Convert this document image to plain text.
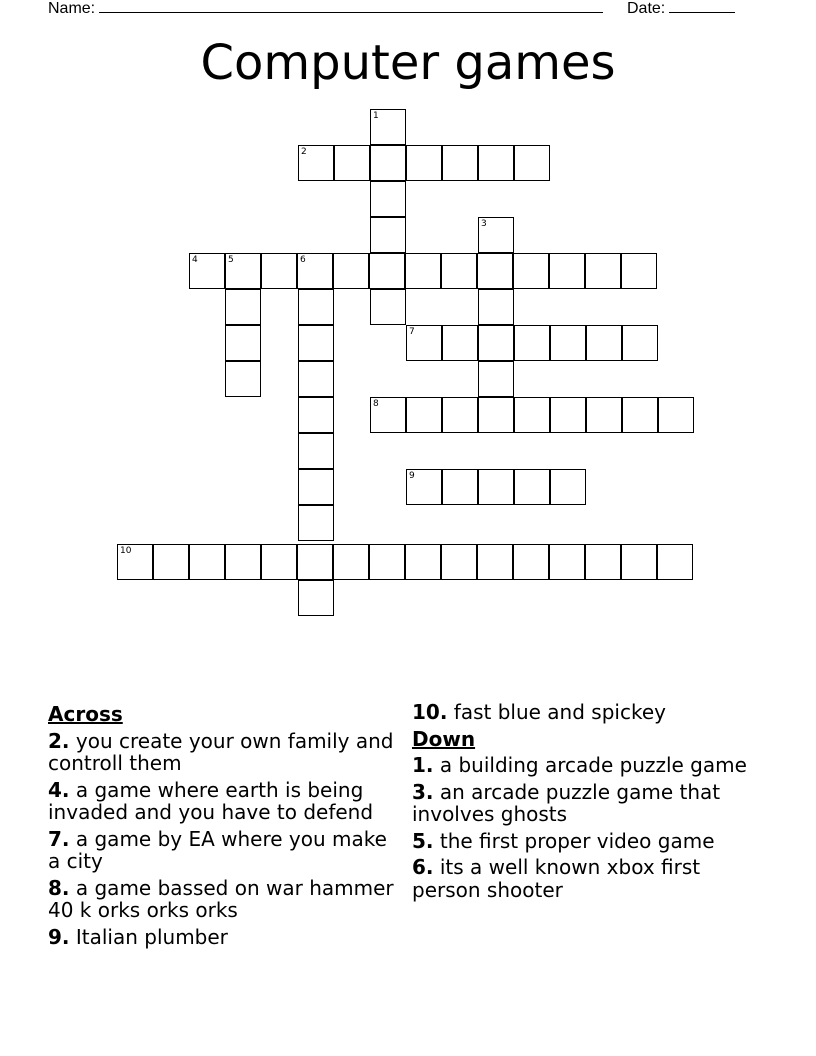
Name:	Date:
Computer games
1
2
3
4	5	6
7
8
9
10
Across
2. you create your own family and controll them
4. a game where earth is being invaded and you have to defend
7. a game by EA where you make a city
8. a game bassed on war hammer 40 k orks orks orks
9. Italian plumber
10. fast blue and spickey
Down
1. a building arcade puzzle game
3. an arcade puzzle game that involves ghosts
5. the first proper video game
6. its a well known xbox first person shooter
